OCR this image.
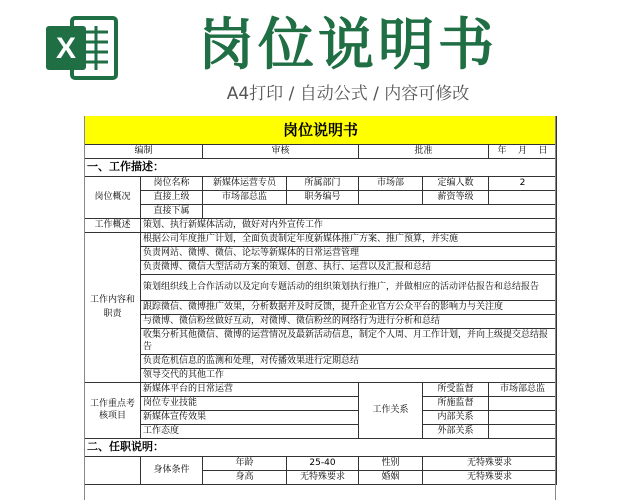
X	岗位说明书
A4打印 / 自动公式 / 内容可修改
岗位说明书						
编制		审核		批准		年 月 日
一、工作描述：						
岗位概况	岗位名称	新媒体运营专员	所属部门	市场部	定编人数	2
	直接上级	市场部总监	职务编号		薪资等级	
	直接下属					
工作概述	策划、执行新媒体活动，做好对内外宣传工作					
工作内容和职责	根据公司年度推广计划，全面负责制定年度新媒体推广方案、推广预算，并实施					
	负责网站、微博、微信、论坛等新媒体的日常运营管理					
	负责微博、微信大型活动方案的策划、创意、执行、运营以及汇报和总结					
	策划组织线上合作活动以及定向专题活动的组织策划执行推广，并做相应的活动评估报告和总结报告					
	跟踪微信、微博推广效果，分析数据并及时反馈，提升企业官方公众平台的影响力与关注度					
	与微博、微信粉丝做好互动，对微博、微信粉丝的网络行为进行分析和总结					
	收集分析其他微信、微博的运营情况及最新活动信息，制定个人周、月工作计划，并向上级提交总结报告					
	负责危机信息的监测和处理，对传播效果进行定期总结					
	领导交代的其他工作					
工作重点考核项目	新媒体平台的日常运营			工作关系	所受监督	市场部总监
	岗位专业技能				所施监督	
	新媒体宣传效果				内部关系	
	工作态度				外部关系	
二、任职说明：						
	身体条件	年龄	25-40	性别	无特殊要求	
		身高	无特殊要求	婚姻	无特殊要求	
